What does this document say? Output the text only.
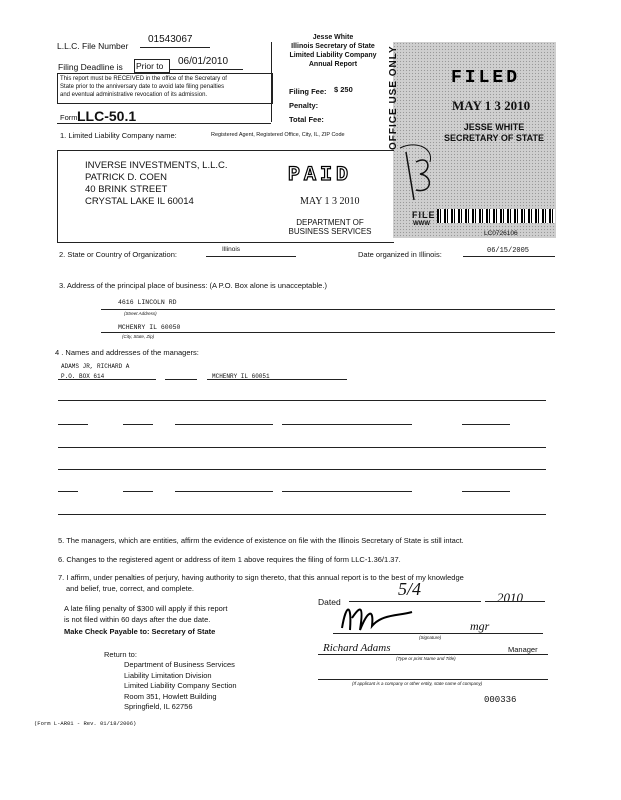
L.L.C. File Number
01543067
Filing Deadline is Prior to 06/01/2010
This report must be RECEIVED in the office of the Secretary of
State prior to the anniversary date to avoid late filing penalties
and eventual administrative revocation of its admission.
Form LLC-50.1
Jesse White
Illinois Secretary of State
Limited Liability Company
Annual Report
Filing Fee:
Penalty:
Total Fee:
$ 250	OFFICE USE ONLY	FILED
MAY 1 3 2010
JESSE WHITE
SECRETARY OF STATE
FILE
WWW
LC0726106
1. Limited Liability Company name:	Registered Agent, Registered Office, City, IL, ZIP Code
INVERSE INVESTMENTS, L.L.C.
PATRICK D. COEN
40 BRINK STREET
CRYSTAL LAKE IL 60014
PAID
MAY 1 3 2010
DEPARTMENT OF
BUSINESS SERVICES
2. State or Country of Organization:
Illinois
Date organized in Illinois:	06/15/2005
3. Address of the principal place of business: (A P.O. Box alone is unacceptable.)
4616 LINCOLN RD
(Street Address)
MCHENRY IL 60050
(City, State, Zip)
4 . Names and addresses of the managers:
ADAMS JR, RICHARD A
P.O. BOX 614	MCHENRY IL 60051
5. The managers, which are entities, affirm the evidence of existence on file with the Illinois Secretary of State is still intact.
6. Changes to the registered agent or address of item 1 above requires the filing of form LLC-1.36/1.37.
7. I affirm, under penalties of perjury, having authority to sign thereto, that this annual report is to the best of my knowledge
and belief, true, correct, and complete.
Dated
5/4	2010
A late filing penalty of $300 will apply if this report
is not filed within 60 days after the due date.
Make Check Payable to: Secretary of State
(Signature)
mgr
Richard Adams	Manager
(Type or print Name and Title)
(If applicant is a company or other entity, state name of company)
Return to:
Department of Business Services
Liability Limitation Division
Limited Liability Company Section
Room 351, Howlett Building
Springfield, IL 62756
000336
(Form L-AR01 - Rev. 01/18/2006)
